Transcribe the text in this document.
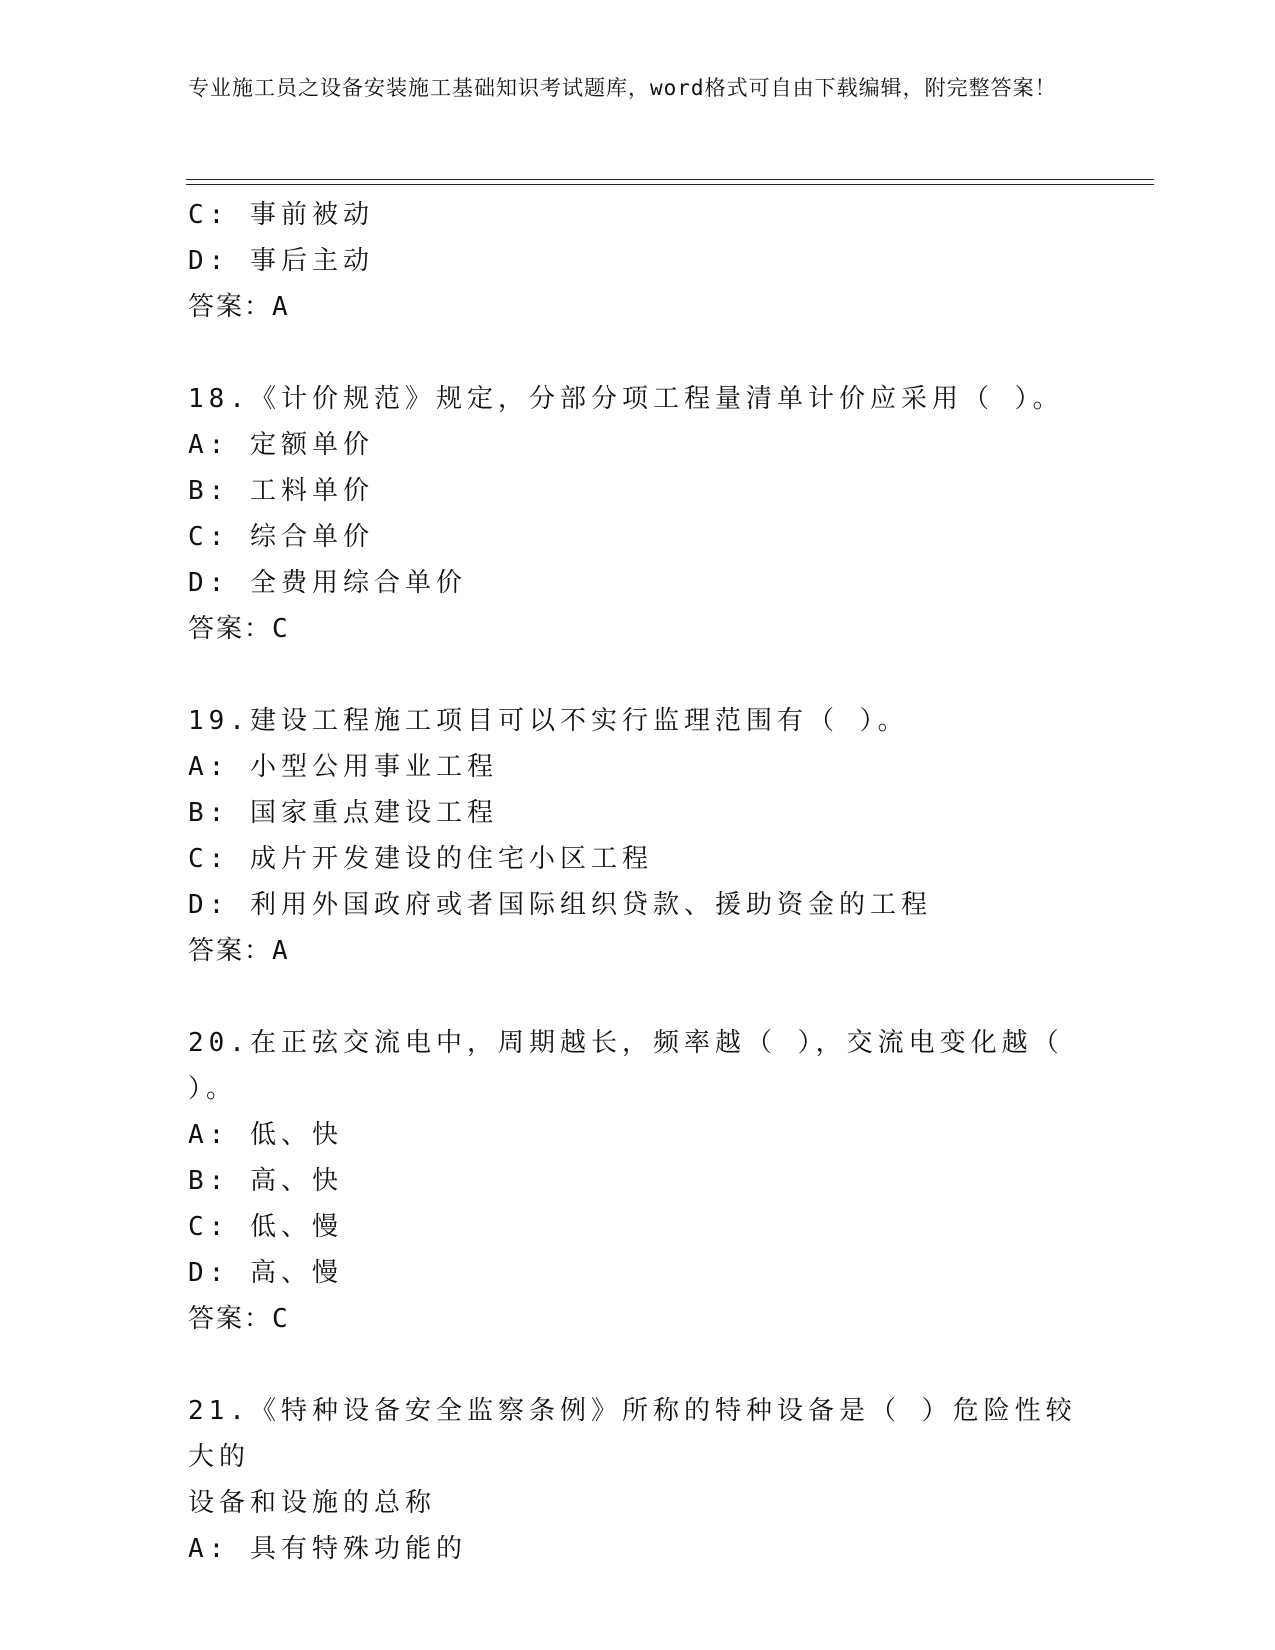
专业施工员之设备安装施工基础知识考试题库，word格式可自由下载编辑，附完整答案！

C: 事前被动

D: 事后主动

答案：A

18.《计价规范》规定，分部分项工程量清单计价应采用（ ）。

A: 定额单价

B: 工料单价

C: 综合单价

D: 全费用综合单价

答案：C

19.建设工程施工项目可以不实行监理范围有（ ）。

A: 小型公用事业工程

B: 国家重点建设工程

C: 成片开发建设的住宅小区工程

D: 利用外国政府或者国际组织贷款、援助资金的工程

答案：A

20.在正弦交流电中，周期越长，频率越（ ），交流电变化越（ ）。

A: 低、快

B: 高、快

C: 低、慢

D: 高、慢

答案：C

21.《特种设备安全监察条例》所称的特种设备是（ ）危险性较大的

设备和设施的总称

A: 具有特殊功能的
